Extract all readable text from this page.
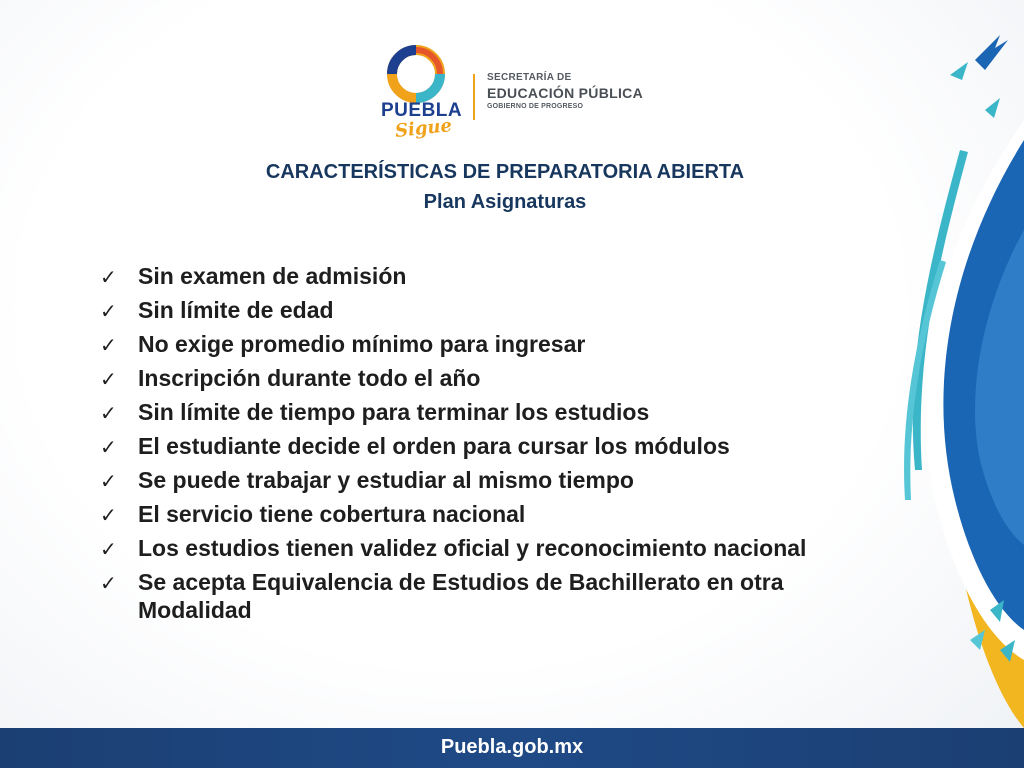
PUEBLA
Sigue
SECRETARÍA DE
EDUCACIÓN PÚBLICA
GOBIERNO DE PROGRESO
CARACTERÍSTICAS DE PREPARATORIA ABIERTA
Plan Asignaturas
✓ Sin examen de admisión
✓ Sin límite de edad
✓ No exige promedio mínimo para ingresar
✓ Inscripción durante todo el año
✓ Sin límite de tiempo para terminar los estudios
✓ El estudiante decide el orden para cursar los módulos
✓ Se puede trabajar y estudiar al mismo tiempo
✓ El servicio tiene cobertura nacional
✓ Los estudios tienen validez oficial y reconocimiento nacional
✓ Se acepta Equivalencia de Estudios de Bachillerato en otra Modalidad
Puebla.gob.mx
